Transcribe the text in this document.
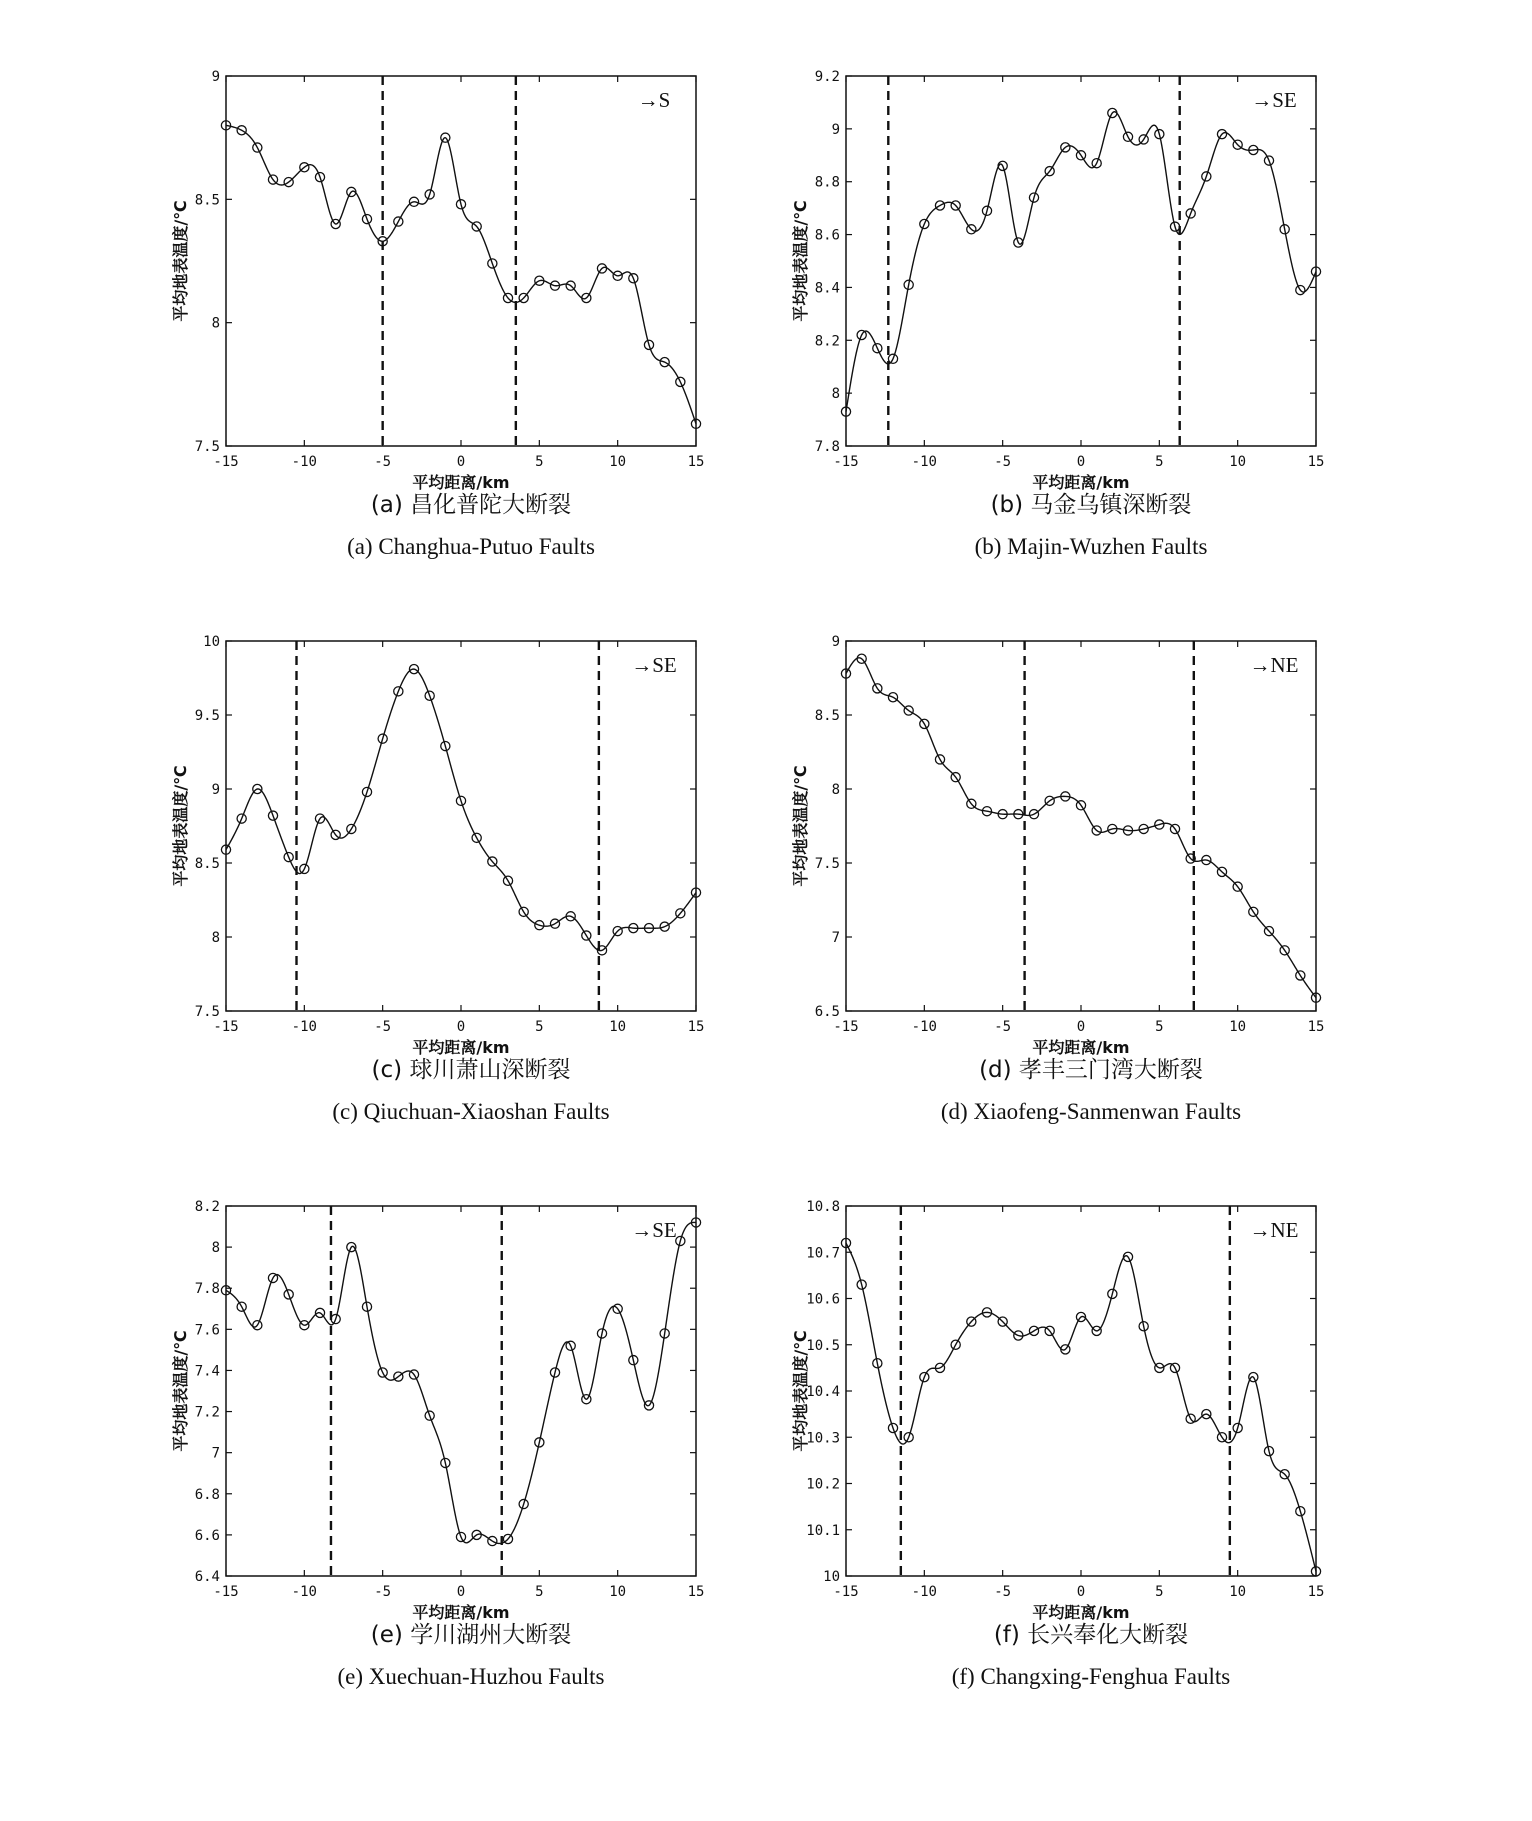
-15	-10	-5	0	5	10	15
7.5
8
8.5
9
平均距离/km
平均地表温度/℃
→S
(a) 昌化普陀大断裂
(a) Changhua-Putuo Faults
-15	-10	-5	0	5	10	15
7.8
8
8.2
8.4
8.6
8.8
9
9.2
平均距离/km
平均地表温度/℃
→SE
(b) 马金乌镇深断裂
(b) Majin-Wuzhen Faults
-15	-10	-5	0	5	10	15
7.5
8
8.5
9
9.5
10
平均距离/km
平均地表温度/℃
→SE
(c) 球川萧山深断裂
(c) Qiuchuan-Xiaoshan Faults
-15	-10	-5	0	5	10	15
6.5
7
7.5
8
8.5
9
平均距离/km
平均地表温度/℃
→NE
(d) 孝丰三门湾大断裂
(d) Xiaofeng-Sanmenwan Faults
-15	-10	-5	0	5	10	15
6.4
6.6
6.8
7
7.2
7.4
7.6
7.8
8
8.2
平均距离/km
平均地表温度/℃
→SE
(e) 学川湖州大断裂
(e) Xuechuan-Huzhou Faults
-15	-10	-5	0	5	10	15
10
10.1
10.2
10.3
10.4
10.5
10.6
10.7
10.8
平均距离/km
平均地表温度/℃
→NE
(f) 长兴奉化大断裂
(f) Changxing-Fenghua Faults
